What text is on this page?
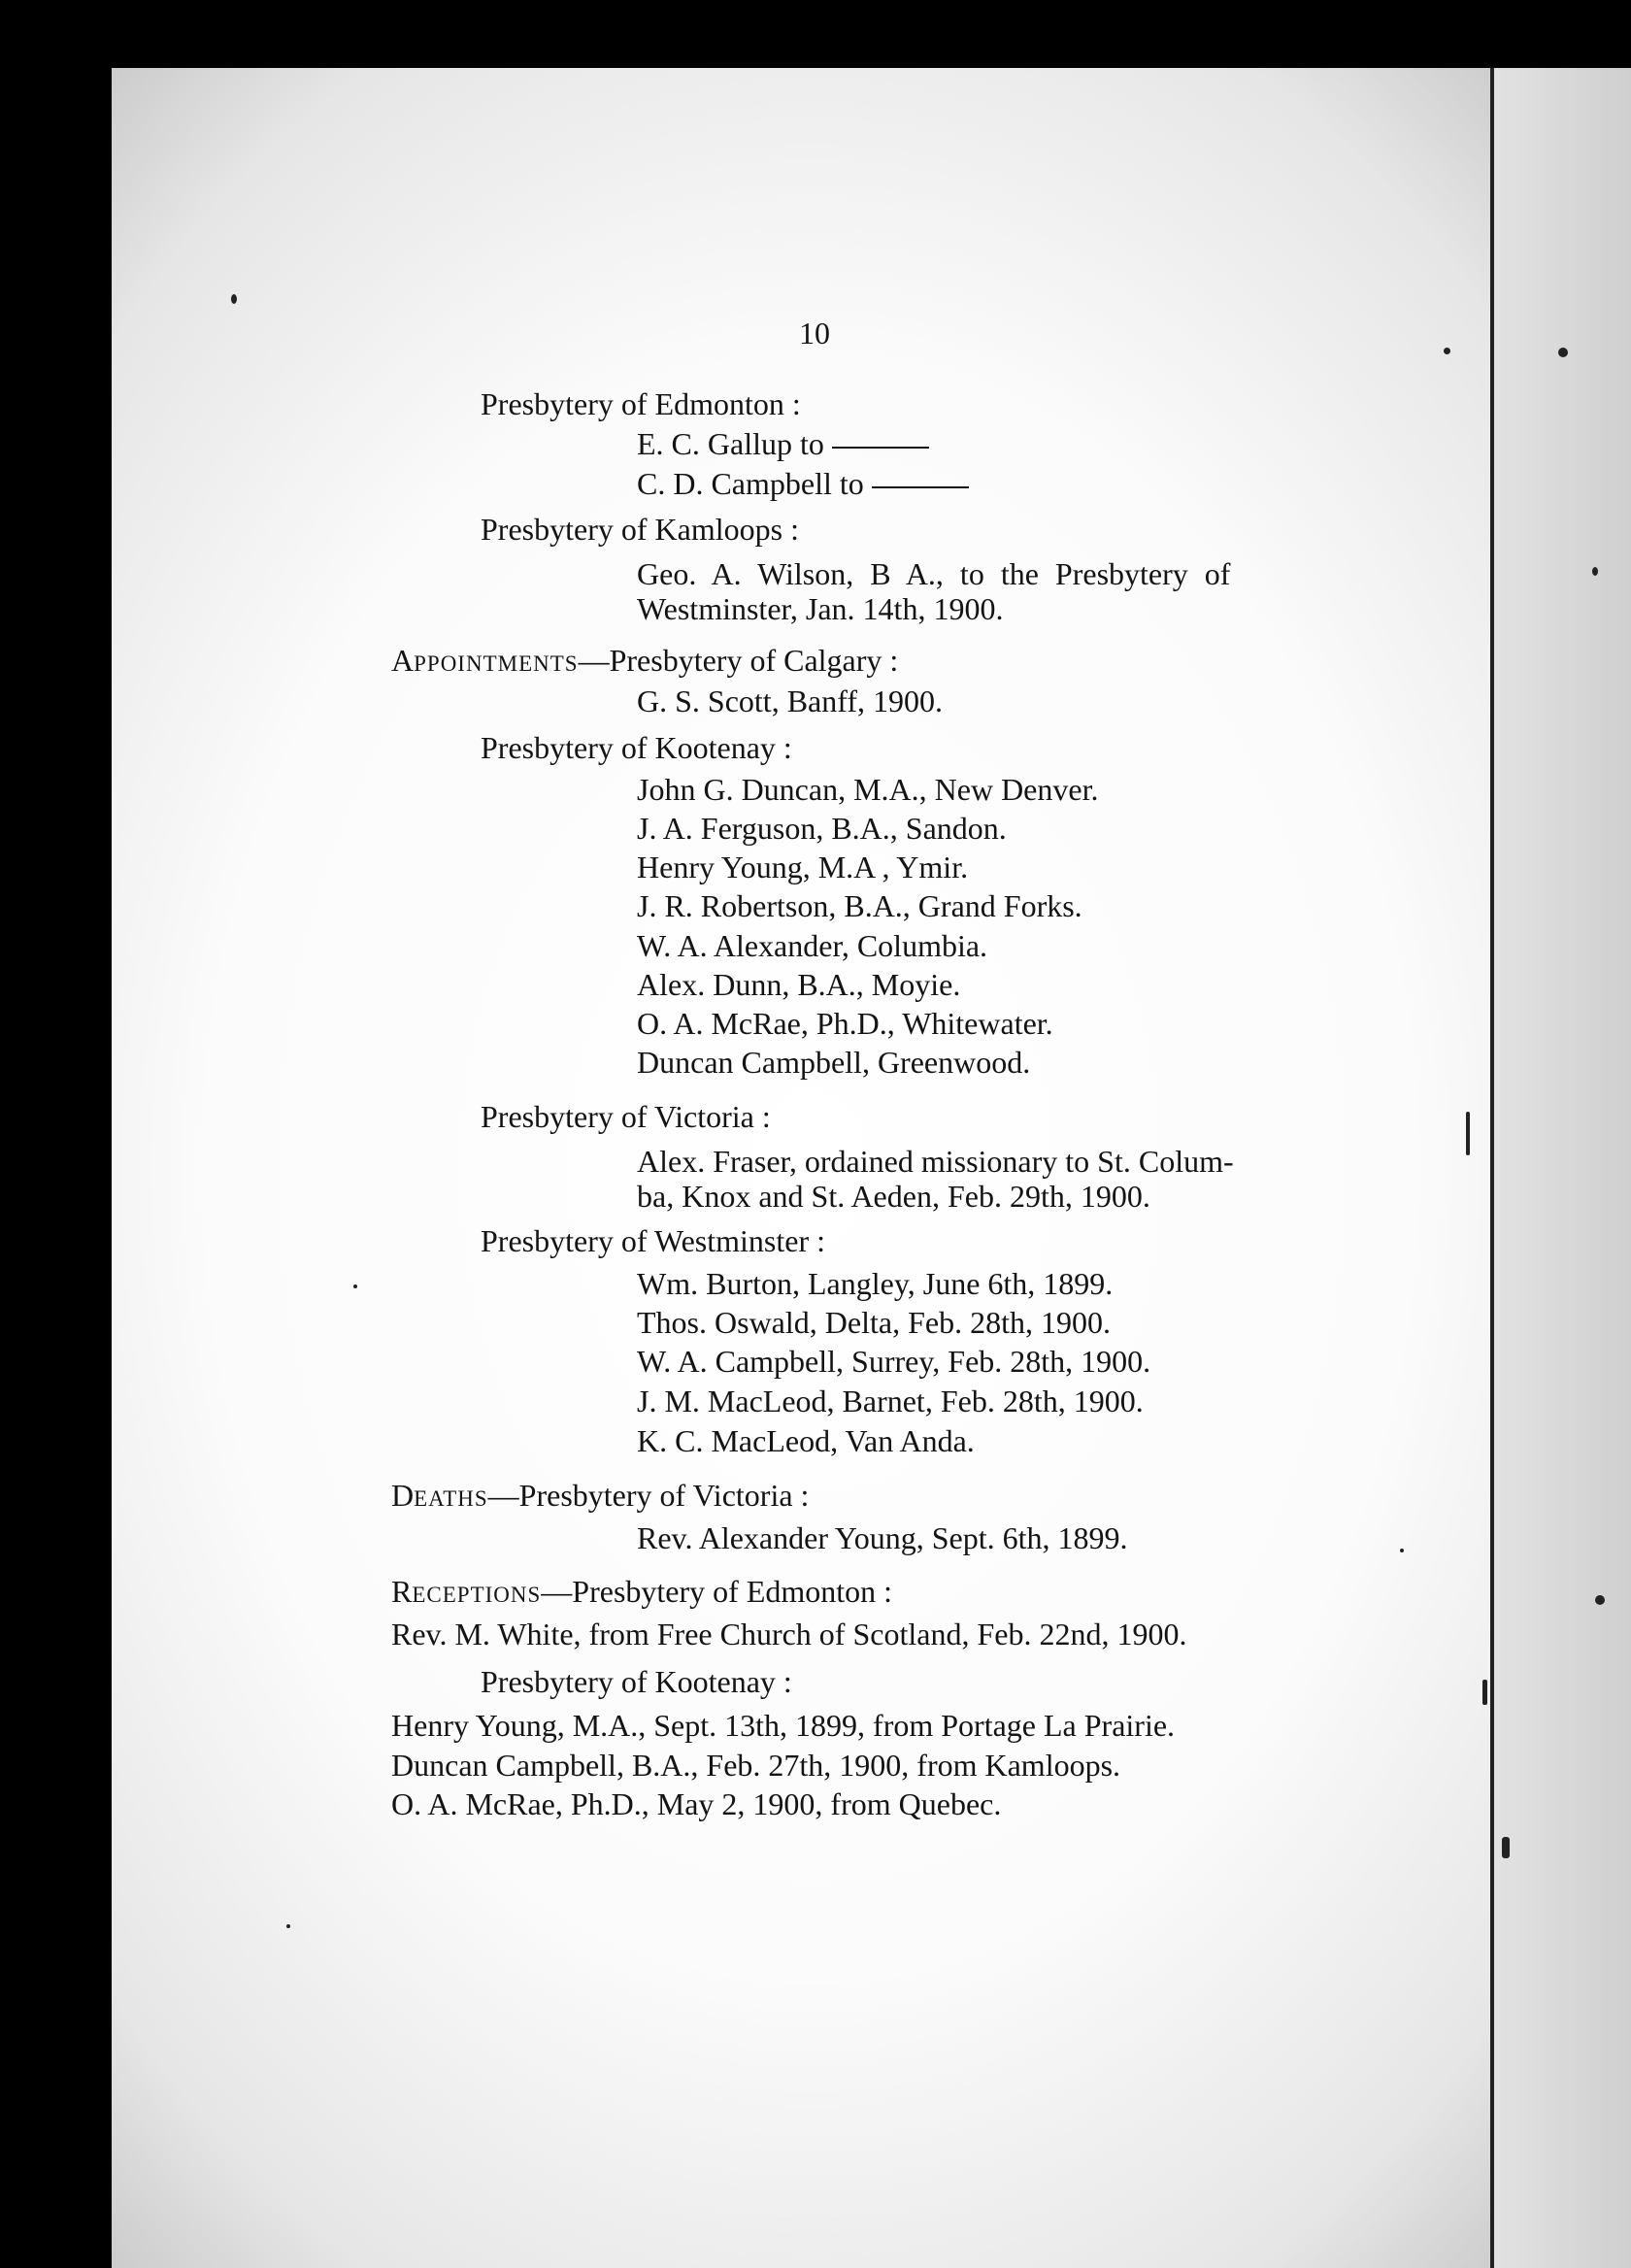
10
Presbytery of Edmonton :
E. C. Gallup to
C. D. Campbell to
Presbytery of Kamloops :
Geo. A. Wilson, B A., to the Presbytery of
Westminster, Jan. 14th, 1900.
APPOINTMENTS—Presbytery of Calgary :
G. S. Scott, Banff, 1900.
Presbytery of Kootenay :
John G. Duncan, M.A., New Denver.
J. A. Ferguson, B.A., Sandon.
Henry Young, M.A , Ymir.
J. R. Robertson, B.A., Grand Forks.
W. A. Alexander, Columbia.
Alex. Dunn, B.A., Moyie.
O. A. McRae, Ph.D., Whitewater.
Duncan Campbell, Greenwood.
Presbytery of Victoria :
Alex. Fraser, ordained missionary to St. Colum-
ba, Knox and St. Aeden, Feb. 29th, 1900.
Presbytery of Westminster :
Wm. Burton, Langley, June 6th, 1899.
Thos. Oswald, Delta, Feb. 28th, 1900.
W. A. Campbell, Surrey, Feb. 28th, 1900.
J. M. MacLeod, Barnet, Feb. 28th, 1900.
K. C. MacLeod, Van Anda.
DEATHS—Presbytery of Victoria :
Rev. Alexander Young, Sept. 6th, 1899.
RECEPTIONS—Presbytery of Edmonton :
Rev. M. White, from Free Church of Scotland, Feb. 22nd, 1900.
Presbytery of Kootenay :
Henry Young, M.A., Sept. 13th, 1899, from Portage La Prairie.
Duncan Campbell, B.A., Feb. 27th, 1900, from Kamloops.
O. A. McRae, Ph.D., May 2, 1900, from Quebec.
